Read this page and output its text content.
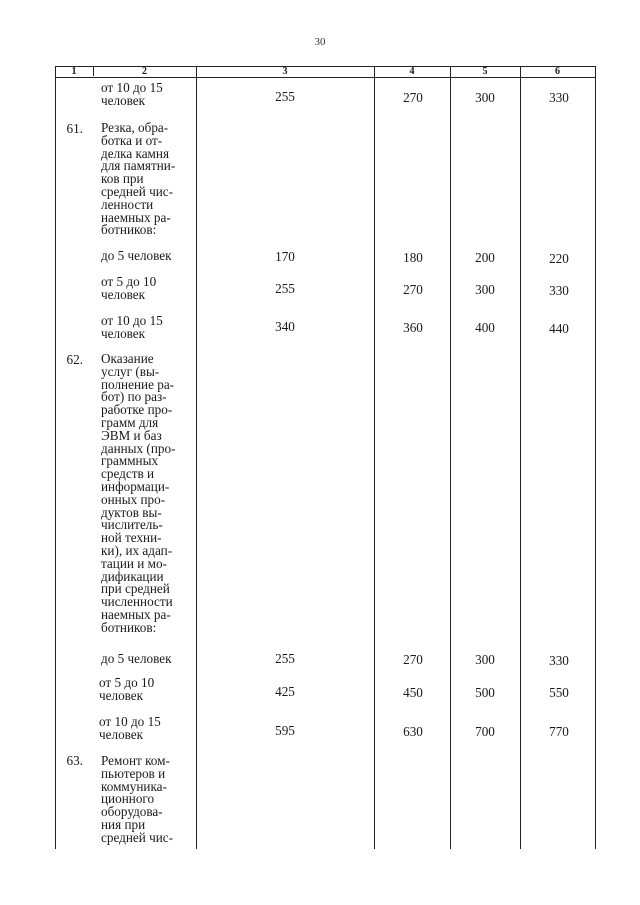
30
1	2	3	4	5	6
от 10 до 15
человек	255	270	300	330
61. Резка, обра-
ботка и от-
делка камня
для памятни-
ков при
средней чис-
ленности
наемных ра-
ботников:
до 5 человек	170	180	200	220
от 5 до 10
человек	255	270	300	330
от 10 до 15
человек	340	360	400	440
62. Оказание
услуг (вы-
полнение ра-
бот) по раз-
работке про-
грамм для
ЭВМ и баз
данных (про-
граммных
средств и
информаци-
онных про-
дуктов вы-
числитель-
ной техни-
ки), их адап-
тации и мо-
дификации
при средней
численности
наемных ра-
ботников:
до 5 человек	255	270	300	330
от 5 до 10
человек	425	450	500	550
от 10 до 15
человек	595	630	700	770
63. Ремонт ком-
пьютеров и
коммуника-
ционного
оборудова-
ния при
средней чис-
